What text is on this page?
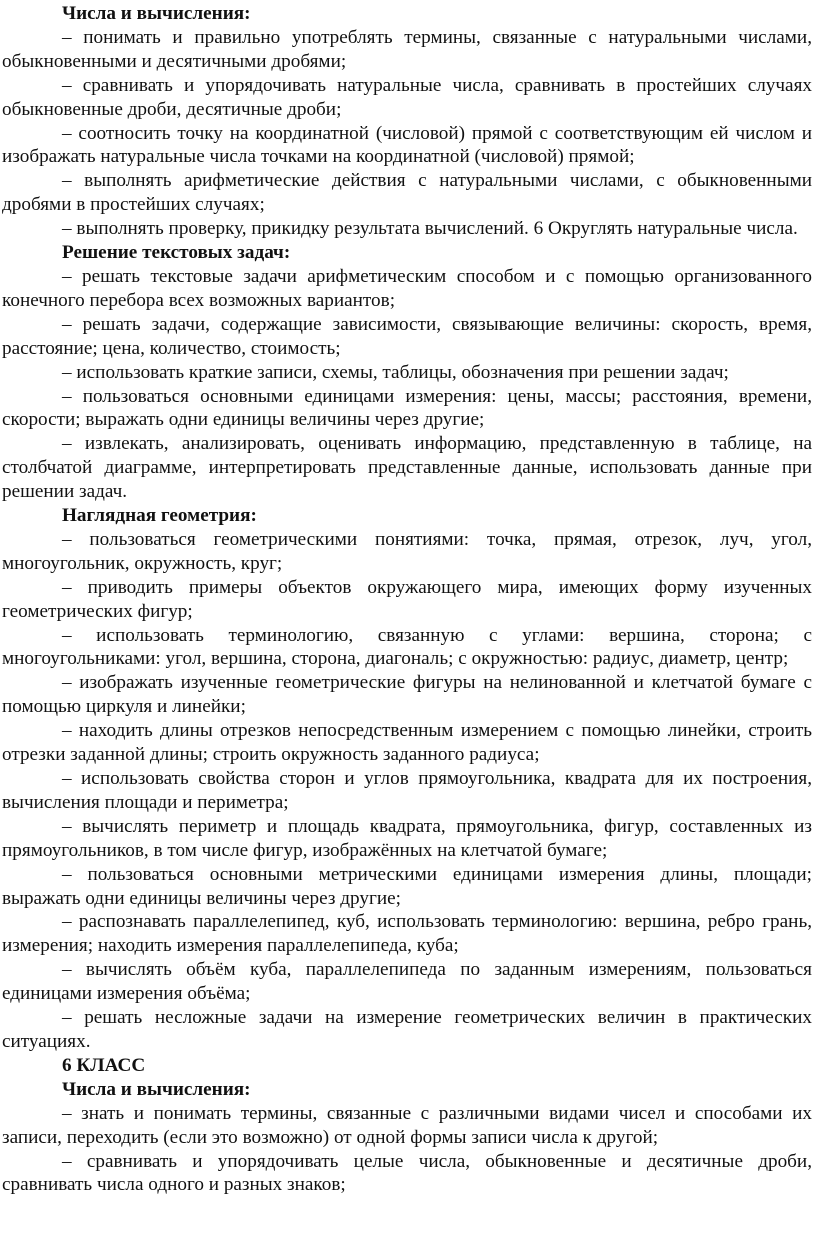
Числа и вычисления:

– понимать и правильно употреблять термины, связанные с натуральными числами, обыкновенными и десятичными дробями;

– сравнивать и упорядочивать натуральные числа, сравнивать в простейших случаях обыкновенные дроби, десятичные дроби;

– соотносить точку на координатной (числовой) прямой с соответствующим ей числом и изображать натуральные числа точками на координатной (числовой) прямой;

– выполнять арифметические действия с натуральными числами, с обыкновенными дробями в простейших случаях;

– выполнять проверку, прикидку результата вычислений. 6 Округлять натуральные числа.

Решение текстовых задач:

– решать текстовые задачи арифметическим способом и с помощью организованного конечного перебора всех возможных вариантов;

– решать задачи, содержащие зависимости, связывающие величины: скорость, время, расстояние; цена, количество, стоимость;

– использовать краткие записи, схемы, таблицы, обозначения при решении задач;

– пользоваться основными единицами измерения: цены, массы; расстояния, времени, скорости; выражать одни единицы величины через другие;

– извлекать, анализировать, оценивать информацию, представленную в таблице, на столбчатой диаграмме, интерпретировать представленные данные, использовать данные при решении задач.

Наглядная геометрия:

– пользоваться геометрическими понятиями: точка, прямая, отрезок, луч, угол, многоугольник, окружность, круг;

– приводить примеры объектов окружающего мира, имеющих форму изученных геометрических фигур;

– использовать терминологию, связанную с углами: вершина, сторона; с многоугольниками: угол, вершина, сторона, диагональ; с окружностью: радиус, диаметр, центр;

– изображать изученные геометрические фигуры на нелинованной и клетчатой бумаге с помощью циркуля и линейки;

– находить длины отрезков непосредственным измерением с помощью линейки, строить отрезки заданной длины; строить окружность заданного радиуса;

– использовать свойства сторон и углов прямоугольника, квадрата для их построения, вычисления площади и периметра;

– вычислять периметр и площадь квадрата, прямоугольника, фигур, составленных из прямоугольников, в том числе фигур, изображённых на клетчатой бумаге;

– пользоваться основными метрическими единицами измерения длины, площади; выражать одни единицы величины через другие;

– распознавать параллелепипед, куб, использовать терминологию: вершина, ребро грань, измерения; находить измерения параллелепипеда, куба;

– вычислять объём куба, параллелепипеда по заданным измерениям, пользоваться единицами измерения объёма;

– решать несложные задачи на измерение геометрических величин в практических ситуациях.

6 КЛАСС
Числа и вычисления:

– знать и понимать термины, связанные с различными видами чисел и способами их записи, переходить (если это возможно) от одной формы записи числа к другой;

– сравнивать и упорядочивать целые числа, обыкновенные и десятичные дроби, сравнивать числа одного и разных знаков;
